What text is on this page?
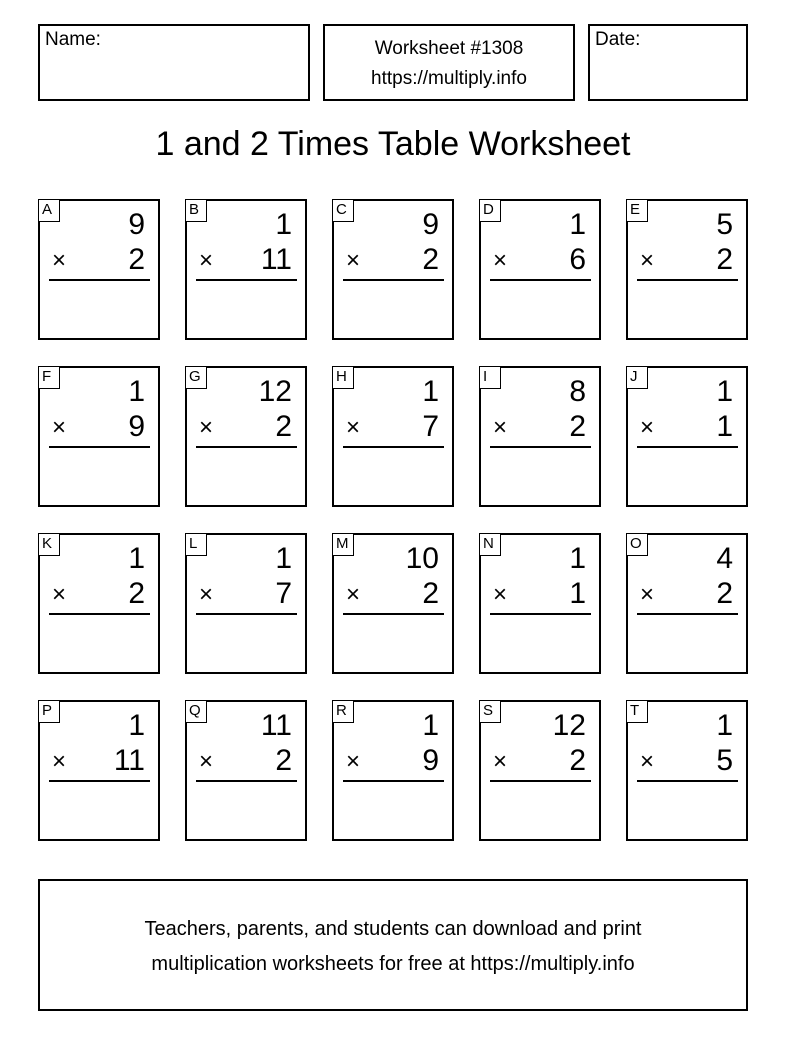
Name:	Worksheet #1308
https://multiply.info
Date:
1 and 2 Times Table Worksheet
A	9
× 2
B	1
× 11
C	9
× 2
D	1
× 6
E	5
× 2
F	1
× 9
G 12
× 2
H	1
× 7
I	8
× 2
J	1
× 1
K	1
× 2
L	1
× 7
M 10
× 2
N	1
× 1
O 4
× 2
P	1
× 11
Q 11
× 2
R	1
× 9
S 12
× 2
T	1
× 5
Teachers, parents, and students can download and print
multiplication worksheets for free at https://multiply.info
